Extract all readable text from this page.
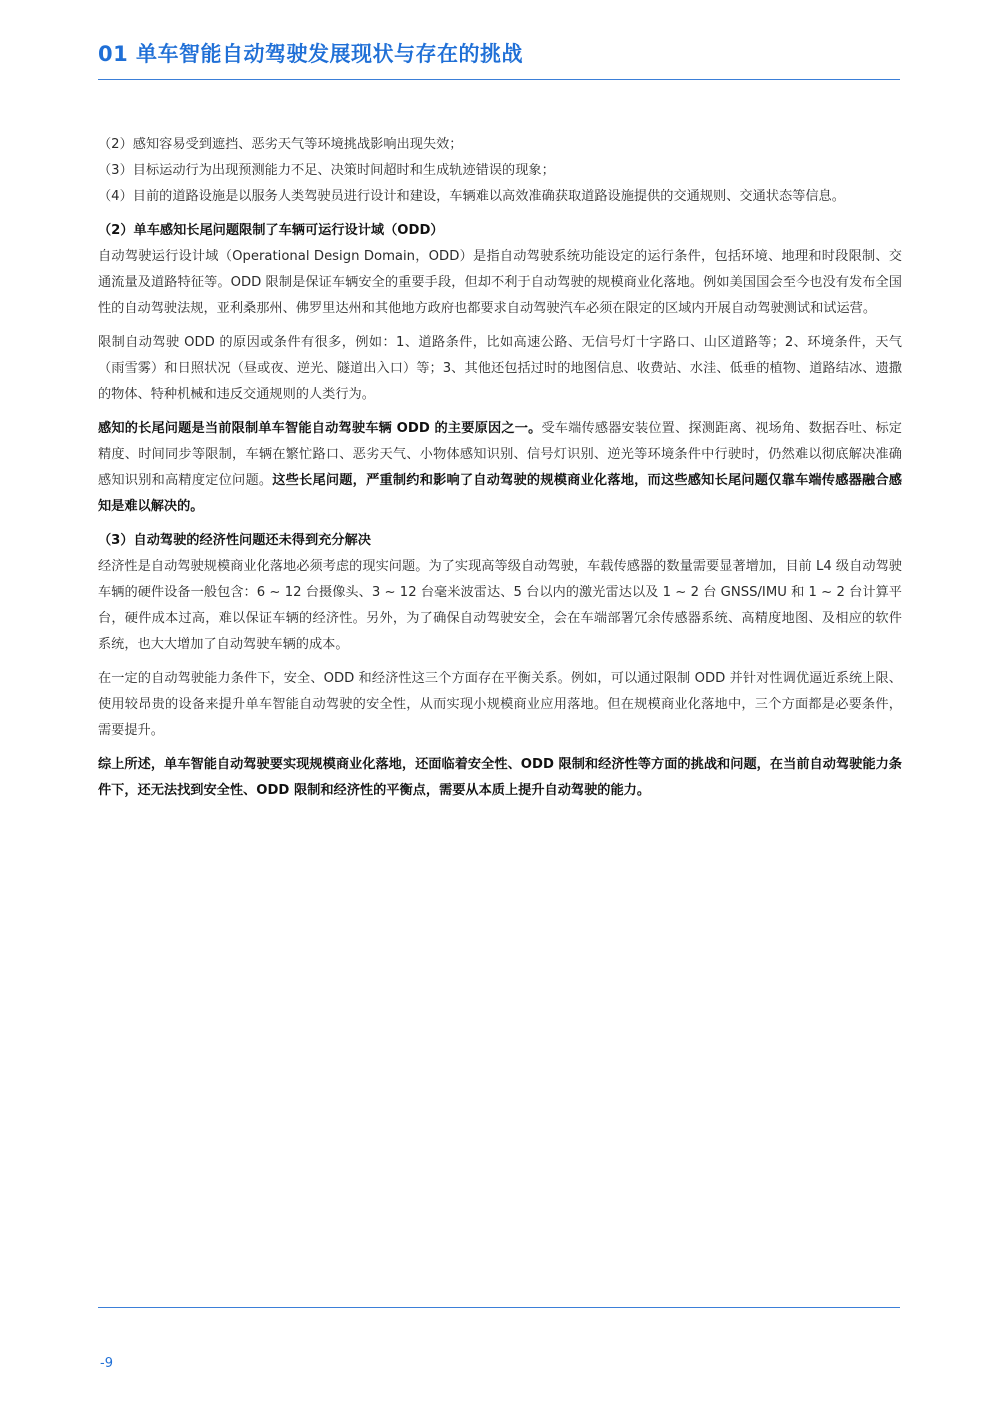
01 单车智能自动驾驶发展现状与存在的挑战
（2） 感知容易受到遮挡、恶劣天气等环境挑战影响出现失效；
（3） 目标运动行为出现预测能力不足、决策时间超时和生成轨迹错误的现象；
（4） 目前的道路设施是以服务人类驾驶员进行设计和建设，车辆难以高效准确获取道路设施提供的交通规则、交通状态等信息。
（2）单车感知长尾问题限制了车辆可运行设计域（ODD）

自动驾驶运行设计域（Operational Design Domain，ODD）是指自动驾驶系统功能设定的运行条件，包括环境、地理和时段限制、交通流量及道路特征等。ODD 限制是保证车辆安全的重要手段，但却不利于自动驾驶的规模商业化落地。例如美国国会至今也没有发布全国性的自动驾驶法规，亚利桑那州、佛罗里达州和其他地方政府也都要求自动驾驶汽车必须在限定的区域内开展自动驾驶测试和试运营。

限制自动驾驶 ODD 的原因或条件有很多，例如：1、道路条件，比如高速公路、无信号灯十字路口、山区道路等；2、环境条件，天气（雨雪雾）和日照状况（昼或夜、逆光、隧道出入口）等；3、其他还包括过时的地图信息、收费站、水洼、低垂的植物、道路结冰、遗撒的物体、特种机械和违反交通规则的人类行为。

感知的长尾问题是当前限制单车智能自动驾驶车辆 ODD 的主要原因之一。受车端传感器安装位置、探测距离、视场角、数据吞吐、标定精度、时间同步等限制，车辆在繁忙路口、恶劣天气、小物体感知识别、信号灯识别、逆光等环境条件中行驶时，仍然难以彻底解决准确感知识别和高精度定位问题。这些长尾问题，严重制约和影响了自动驾驶的规模商业化落地，而这些感知长尾问题仅靠车端传感器融合感知是难以解决的。

（3）自动驾驶的经济性问题还未得到充分解决

经济性是自动驾驶规模商业化落地必须考虑的现实问题。为了实现高等级自动驾驶，车载传感器的数量需要显著增加，目前 L4 级自动驾驶车辆的硬件设备一般包含：6 ~ 12 台摄像头、3 ~ 12 台毫米波雷达、5 台以内的激光雷达以及 1 ~ 2 台 GNSS/IMU 和 1 ~ 2 台计算平台，硬件成本过高，难以保证车辆的经济性。另外，为了确保自动驾驶安全，会在车端部署冗余传感器系统、高精度地图、及相应的软件系统，也大大增加了自动驾驶车辆的成本。

在一定的自动驾驶能力条件下，安全、ODD 和经济性这三个方面存在平衡关系。例如，可以通过限制 ODD 并针对性调优逼近系统上限、使用较昂贵的设备来提升单车智能自动驾驶的安全性，从而实现小规模商业应用落地。但在规模商业化落地中，三个方面都是必要条件，需要提升。

综上所述，单车智能自动驾驶要实现规模商业化落地，还面临着安全性、ODD 限制和经济性等方面的挑战和问题，在当前自动驾驶能力条件下，还无法找到安全性、ODD 限制和经济性的平衡点，需要从本质上提升自动驾驶的能力。

-9
